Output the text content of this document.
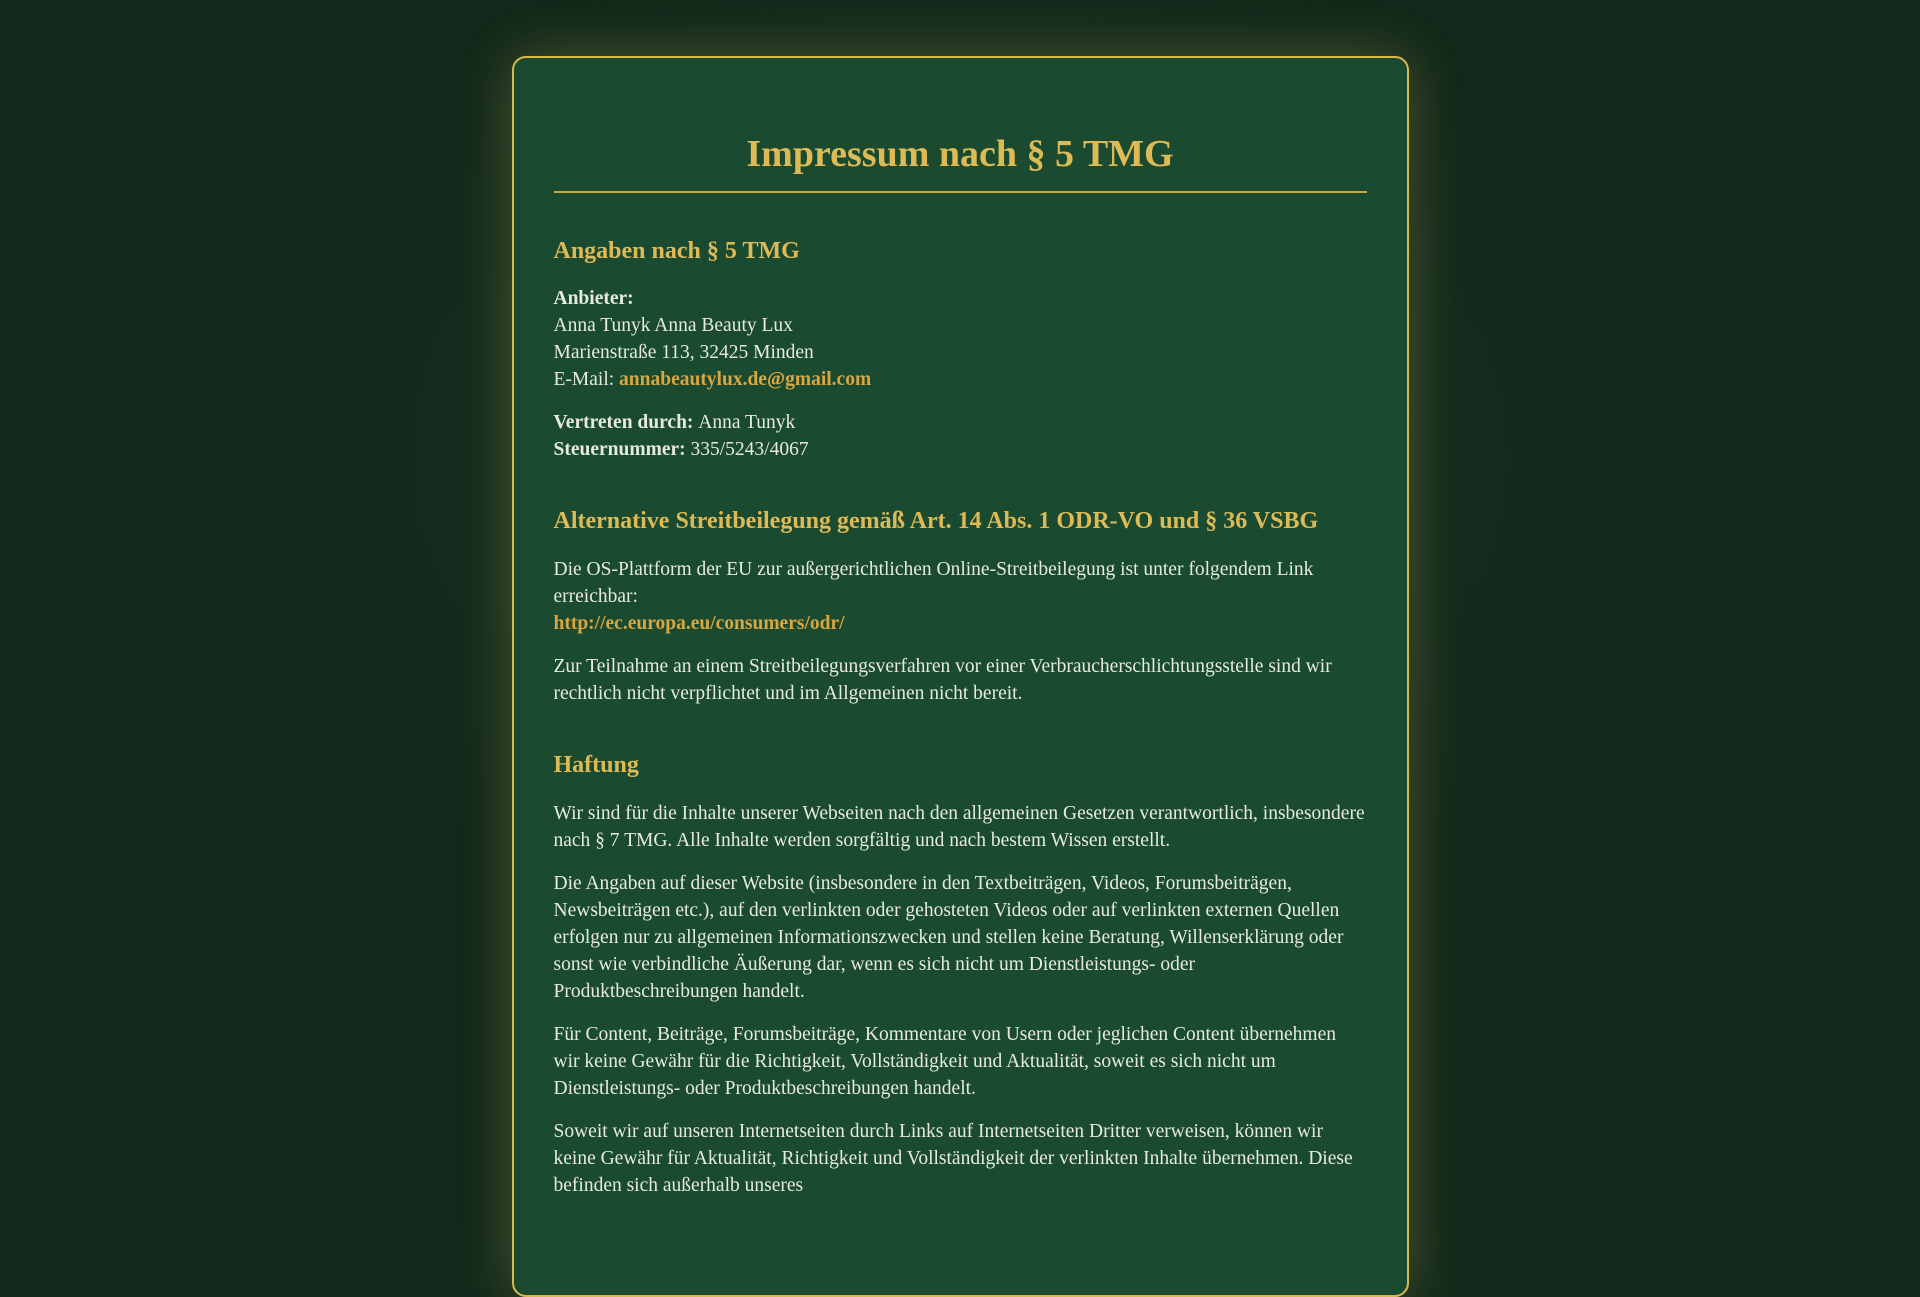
Impressum nach § 5 TMG
Angaben nach § 5 TMG

Anbieter:
Anna Tunyk Anna Beauty Lux
Marienstraße 113, 32425 Minden
E-Mail: annabeautylux.de@gmail.com

Vertreten durch: Anna Tunyk
Steuernummer: 335/5243/4067

Alternative Streitbeilegung gemäß Art. 14 Abs. 1 ODR-VO und § 36 VSBG

Die OS-Plattform der EU zur außergerichtlichen Online-Streitbeilegung ist unter folgendem Link erreichbar:
http://ec.europa.eu/consumers/odr/

Zur Teilnahme an einem Streitbeilegungsverfahren vor einer Verbraucherschlichtungsstelle sind wir rechtlich nicht verpflichtet und im Allgemeinen nicht bereit.

Haftung

Wir sind für die Inhalte unserer Webseiten nach den allgemeinen Gesetzen verantwortlich, insbesondere nach § 7 TMG. Alle Inhalte werden sorgfältig und nach bestem Wissen erstellt.

Die Angaben auf dieser Website (insbesondere in den Textbeiträgen, Videos, Forumsbeiträgen, Newsbeiträgen etc.), auf den verlinkten oder gehosteten Videos oder auf verlinkten externen Quellen erfolgen nur zu allgemeinen Informationszwecken und stellen keine Beratung, Willenserklärung oder sonst wie verbindliche Äußerung dar, wenn es sich nicht um Dienstleistungs- oder Produktbeschreibungen handelt.

Für Content, Beiträge, Forumsbeiträge, Kommentare von Usern oder jeglichen Content übernehmen wir keine Gewähr für die Richtigkeit, Vollständigkeit und Aktualität, soweit es sich nicht um Dienstleistungs- oder Produktbeschreibungen handelt.

Soweit wir auf unseren Internetseiten durch Links auf Internetseiten Dritter verweisen, können wir keine Gewähr für Aktualität, Richtigkeit und Vollständigkeit der verlinkten Inhalte übernehmen. Diese befinden sich außerhalb unseres
